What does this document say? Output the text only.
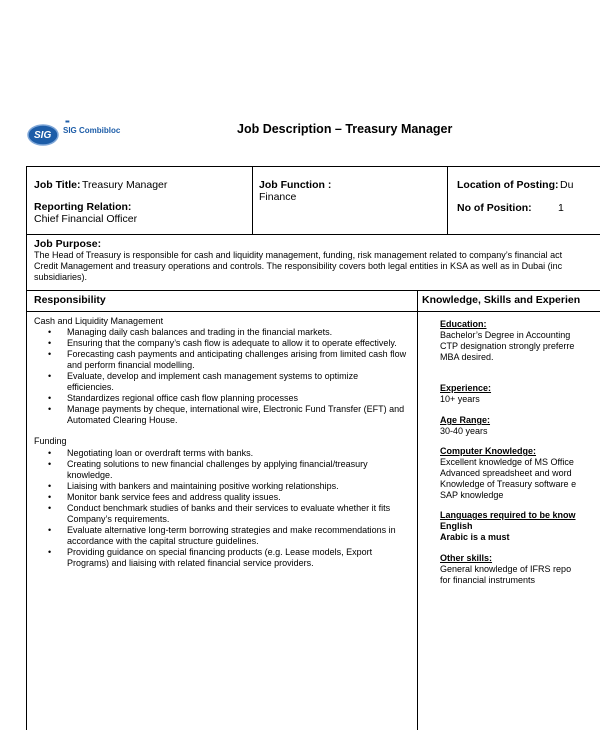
SIG
▪▪
SIG Combibloc	Job Description – Treasury Manager
Job Title: Treasury Manager
Reporting Relation:
Chief Financial Officer
Job Function :
Finance
Location of Posting: Du
No of Position:	1
Job Purpose:
The Head of Treasury is responsible for cash and liquidity management, funding, risk management related to company’s financial act
Credit Management and treasury operations and controls. The responsibility covers both legal entities in KSA as well as in Dubai (inc
subsidiaries).
Responsibility	Knowledge, Skills and Experien
Cash and Liquidity Management
• Managing daily cash balances and trading in the financial markets.
• Ensuring that the company’s cash flow is adequate to allow it to operate effectively.
• Forecasting cash payments and anticipating challenges arising from limited cash flow
and perform financial modelling.
• Evaluate, develop and implement cash management systems to optimize
efficiencies.
• Standardizes regional office cash flow planning processes
• Manage payments by cheque, international wire, Electronic Fund Transfer (EFT) and
Automated Clearing House.
Funding
• Negotiating loan or overdraft terms with banks.
• Creating solutions to new financial challenges by applying financial/treasury
knowledge.
• Liaising with bankers and maintaining positive working relationships.
• Monitor bank service fees and address quality issues.
• Conduct benchmark studies of banks and their services to evaluate whether it fits
Company’s requirements.
• Evaluate alternative long-term borrowing strategies and make recommendations in
accordance with the capital structure guidelines.
• Providing guidance on special financing products (e.g. Lease models, Export
Programs) and liaising with related financial service providers.
Education:
Bachelor’s Degree in Accounting
CTP designation strongly preferre
MBA desired.
Experience:
10+ years
Age Range:
30-40 years
Computer Knowledge:
Excellent knowledge of MS Office
Advanced spreadsheet and word
Knowledge of Treasury software e
SAP knowledge
Languages required to be know
English
Arabic is a must
Other skills:
General knowledge of IFRS repo
for financial instruments
